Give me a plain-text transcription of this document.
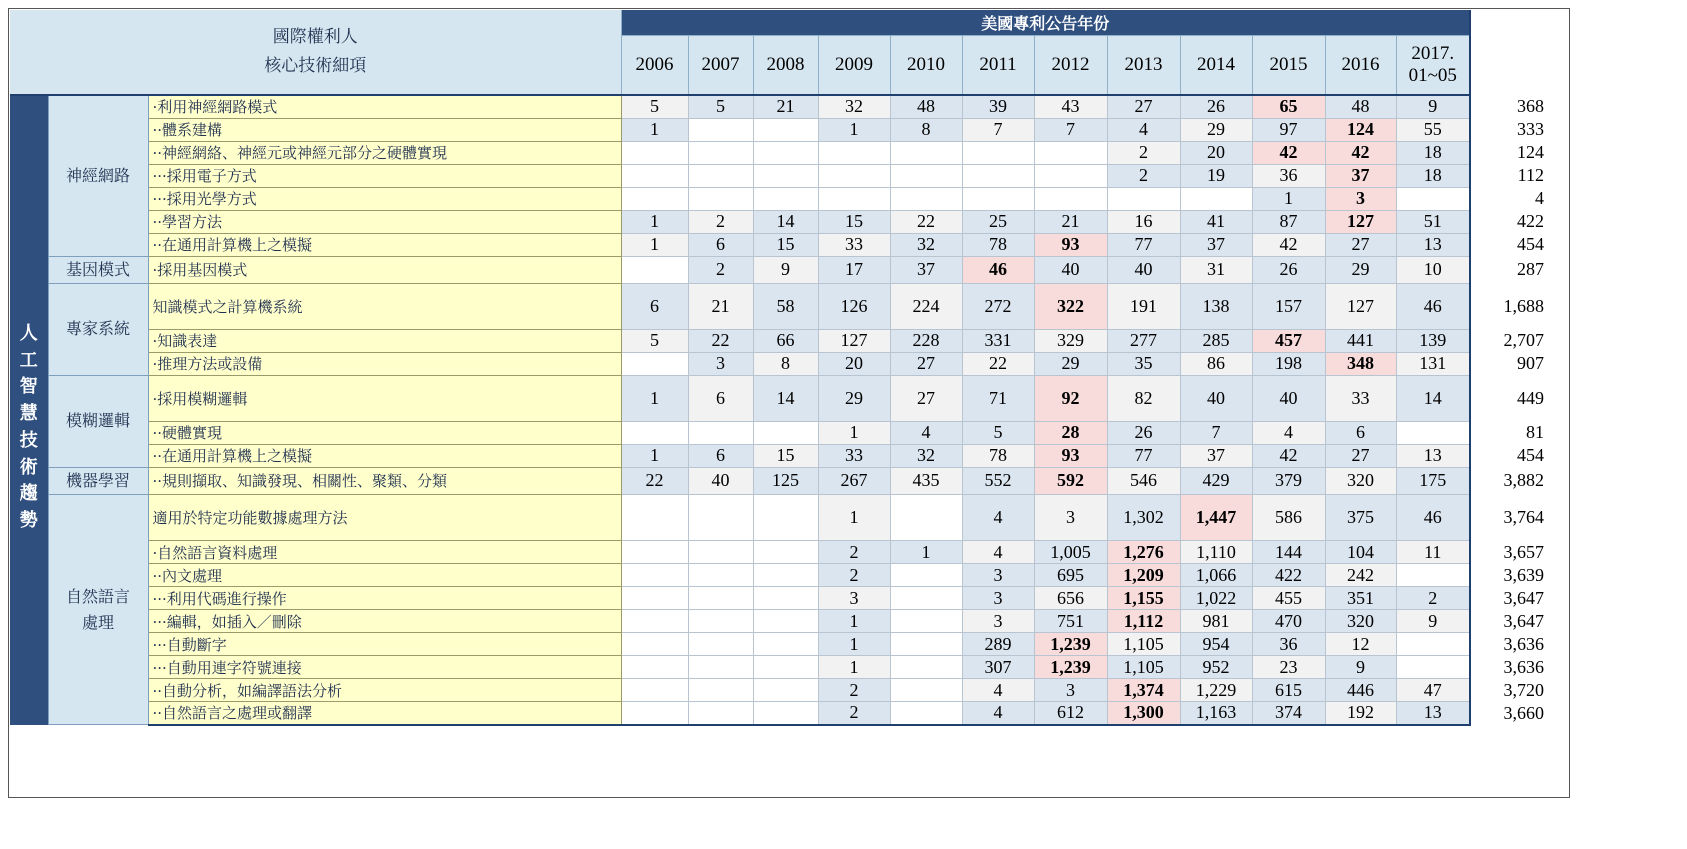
國際權利人
核心技術細項			美國專利公告年份												
			2006	2007	2008	2009	2010	2011	2012	2013	2014	2015	2016	2017.
01~05	

人工智慧技術趨勢	神經網路	·利用神經網路模式	5	5	21	32	48	39	43	27	26	65	48	9	368
		··體系建構	1			1	8	7	7	4	29	97	124	55	333
		··神經網絡、神經元或神經元部分之硬體實現								2	20	42	42	18	124
		···採用電子方式								2	19	36	37	18	112
		···採用光學方式										1	3		4
		··學習方法	1	2	14	15	22	25	21	16	41	87	127	51	422
		··在通用計算機上之模擬	1	6	15	33	32	78	93	77	37	42	27	13	454
	基因模式	·採用基因模式		2	9	17	37	46	40	40	31	26	29	10	287
	專家系統	知識模式之計算機系統	6	21	58	126	224	272	322	191	138	157	127	46	1,688
		·知識表達	5	22	66	127	228	331	329	277	285	457	441	139	2,707
		·推理方法或設備		3	8	20	27	22	29	35	86	198	348	131	907
	模糊邏輯	·採用模糊邏輯	1	6	14	29	27	71	92	82	40	40	33	14	449
		··硬體實現				1	4	5	28	26	7	4	6		81
		··在通用計算機上之模擬	1	6	15	33	32	78	93	77	37	42	27	13	454
	機器學習	··規則擷取、知識發現、相關性、聚類、分類	22	40	125	267	435	552	592	546	429	379	320	175	3,882
	自然語言處理	適用於特定功能數據處理方法				1		4	3	1,302	1,447	586	375	46	3,764
		·自然語言資料處理				2	1	4	1,005	1,276	1,110	144	104	11	3,657
		··內文處理				2		3	695	1,209	1,066	422	242		3,639
		···利用代碼進行操作				3		3	656	1,155	1,022	455	351	2	3,647
		···編輯，如插入／刪除				1		3	751	1,112	981	470	320	9	3,647
		···自動斷字				1		289	1,239	1,105	954	36	12		3,636
		···自動用連字符號連接				1		307	1,239	1,105	952	23	9		3,636
		··自動分析，如編譯語法分析				2		4	3	1,374	1,229	615	446	47	3,720
		··自然語言之處理或翻譯				2		4	612	1,300	1,163	374	192	13	3,660
